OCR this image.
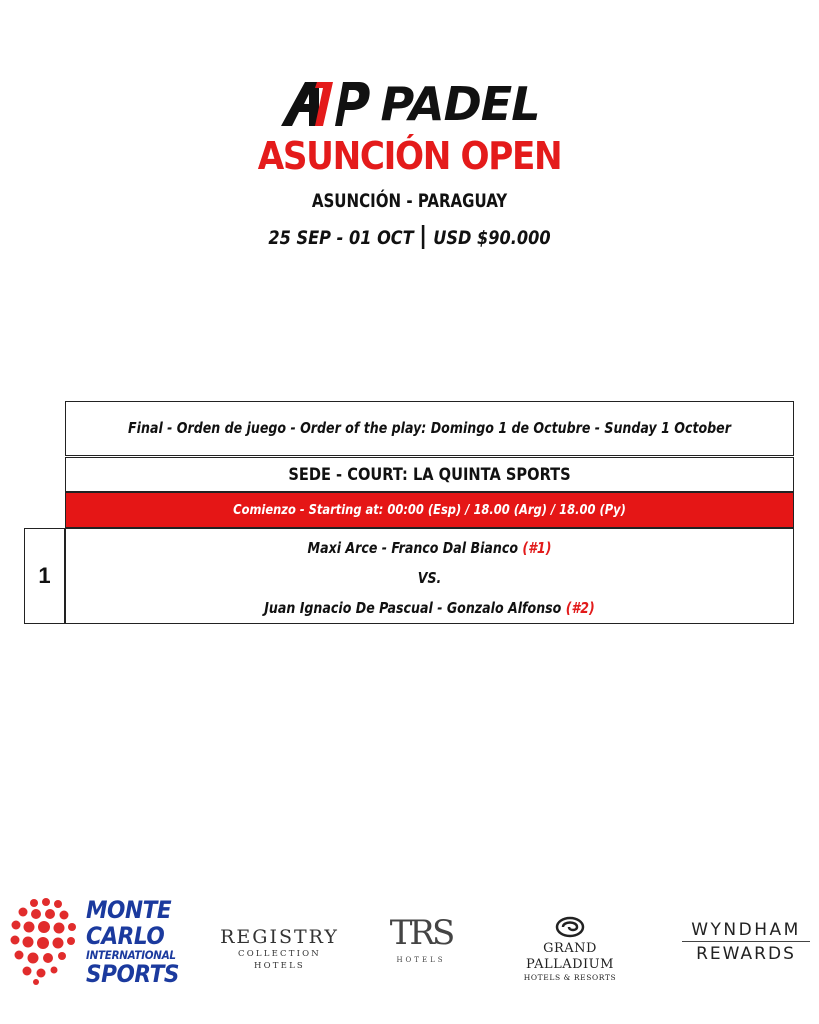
PADEL
ASUNCIÓN OPEN
ASUNCIÓN - PARAGUAY
25 SEP - 01 OCT USD $90.000
Final - Orden de juego - Order of the play: Domingo 1 de Octubre - Sunday 1 October
SEDE - COURT: LA QUINTA SPORTS
Comienzo - Starting at: 00:00 (Esp) / 18.00 (Arg) / 18.00 (Py)
1
Maxi Arce - Franco Dal Bianco (#1)
VS.
Juan Ignacio De Pascual - Gonzalo Alfonso (#2)
MONTE
CARLO
INTERNATIONAL
SPORTS
REGISTRY
COLLECTION HOTELS
TRS
HOTELS
GRAND PALLADIUM
HOTELS & RESORTS
WYNDHAM
REWARDS
